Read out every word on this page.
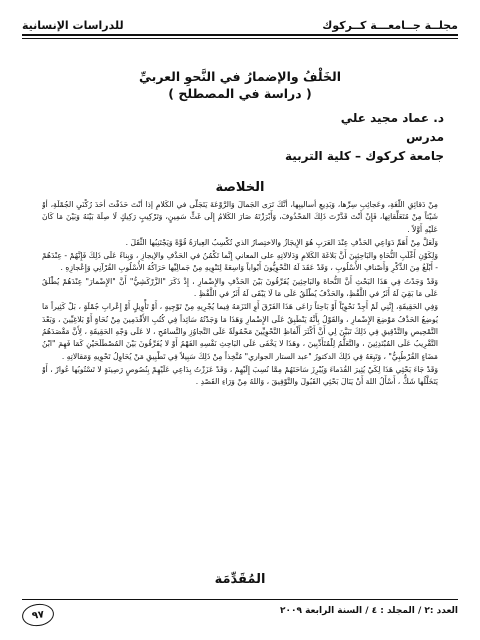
مجلــة جــامعـــة كــركوك
للدراسات الإنسانية
الخَلْفُ والإضمارُ في النَّحوِ العربيِّ
( دراسة في المصطلح )
د. عماد مجيد علي
مدرس
جامعة كركوك – كلية التربية
الخلاصة

مِنْ دَقائِقِ اللُّغَةِ، وعَجائِبِ سِرِّها، وَبَدِيعِ أَساليبِها، أَنَّكَ تَرَى الجَمالَ وَالرَّوْعَةَ يَتَجَلَّى في الكَلامِ إذا أَنْتَ حَذَفْتَ أَحَدَ رُكْنَيِ الجُمْلَةِ، أَوْ شَيْئاً مِنْ مُتَعَلِّقاتِها، فَإِنْ أَنْتَ قَدَّرْتَ ذَلِكَ المَحْذُوفَ، وَأَبْرَزْتَهُ صَارَ الكَلامُ إِلَى غَثٍّ سَمِينٍ، وَتَرْكِيبٍ رَكِيكٍ لَا صِلَةَ بَيْنَهُ وَبَيْنَ مَا كَانَ عَلَيْهِ أَوَّلاً .

وَلَعَلَّ مِنْ أَهَمِّ دَوَاعِي الحَذْفِ عِنْدَ العَرَبِ هُوَ الإِيجَازُ والاختِصارُ الذي تُكْسِبُ العِبارَةُ قُوَّةً وَيَجْتَنِبُها الثِّقَلَ .

وَلِكَوْنِ أَغْلَبِ النُّحَاةِ والبَاحِثِينَ أَنَّ بَلاغَةَ الكَلامِ وَدَلالاتِهِ على المعاني إِنَّما تَكْمُنُ في الحَذْفِ والإيجازِ ، وَبِناءً عَلَى ذَلِكَ فَإِنَّهُمْ - عِنْدَهُمْ - أَبْلَغُ مِنَ الذِّكْرِ وَأَصْنافِ الأُسْلُوبِ ، وَقَدْ عَقَدَ لَهُ النَّحْوِيُّونَ أَبْواباً وَاسِعَةً لِتَنْوِيهِ مِنْ جَمالِيِّها حَرَاكُهُ الأُسْلُوبِ القُرْآنِي وَإِعْجازِهِ .

وَقَدْ وَجَدْتُ فِي هَذَا البَحْثِ أَنَّ النُّحاةَ والبَاحِثِينَ يُفَرِّقُونَ بَيْنَ الحَذْفِ والإِضْمارِ ، إِذْ ذَكَرَ "الزَّرْكَشِيُّ" أَنَّ "الإِضْمارَ" عِنْدَهُمْ يُطْلَقُ عَلَى مَا بَقِيَ لَهُ أَثَرٌ في اللَّفْظِ، والحَذْفُ يُطْلَقُ عَلَى مَا لَا يَبْقَى لَهُ أَثَرٌ في اللَّفْظِ .

وَفِي الحَقِيقَةِ، إِنَّنِي لَمْ أَجِدْ نَحْوِيّاً أَوْ بَاحِثاً رَاعَى هَذَا الفَرْقَ أَوِ التَزَمَهُ فِيما يُجْرِيهِ مِنْ تَوْجِيهٍ ، أَوْ تَأْوِيلٍ أَوْ إِعْرابِ جُمْلَةٍ ، بَلْ كَثِيراً مَا يُوضِعُ الحَذْفُ مَوْضِعَ الإِضْمارِ ، والقَوْلُ بِأَنَّهُ يَنْطَبِقُ عَلَى الإِضْمارِ وَهَذَا مَا وَجَدْتُهُ سَائِداً فِي كُتُبِ الأَقْدَمِينَ مِنْ نُحَاةٍ أَوْ بَلاغِيِّينَ ، وَبَعْدَ التَّمْحِيصِ والتَّدْقِيقِ فِي ذَلِكَ تَبَيَّنَ لِي أَنَّ أَكْثَرَ أَلْفاظِ النَّحْوِيِّينَ مَحْمُولَةٌ عَلَى التَّجاوُزِ والتَّسامُحِ ، لا عَلَى وَجْهِ الحَقِيقَةِ ، لِأَنَّ مَقْصَدَهُمُ التَّقْرِيبُ عَلَى المُبْتَدِئِينَ ، والتَّعَلُّمُ لِلْمُتَأَدِّبِينَ ، وهَذَا لا يَخْفَى عَلَى البَاحِثِ نَفْسِهِ الفَهْمُ أَوْ لا يُفَرِّقُونَ بَيْنَ المُصْطَلَحَيْنِ كَمَا فَهِمَ "ابْنُ مَضَاءٍ القُرْطُبِيُّ" ، وَتَبِعَهُ فِي ذَلِكَ الدكتورُ "عبد الستار الجواري" مُتَّخِذاً مِنْ ذَلِكَ سَبِيلاً فِي تَطْبِيقِ مَنْ يُحَاوِلُ تَحْوِيهِ وَمَقالاتِهِ .

وَقَدْ جَاءَ بَحْثِي هَذَا لِكَيْ يُثِيرَ القُدَماءَ وَيُبْرِزَ سَاحَتَهُمْ مِمَّا نُسِبَ إِلَيْهِمْ ، وَقَدْ عَزَزْتُ بِدَاعِي عَلَيْهِمْ بِنُصُوصٍ رَصِينَةٍ لا تَسْتُوبُها عُوارٌ ، أَوْ يَتَخَلَّلُها شَكٌّ ، أَسْأَلُ اللهَ أَنْ يَنَالَ بَحْثِي القَبُولَ والتَّوْفِيقَ ، وَاللهُ مِنْ وَرَاءِ القَصْدِ .

المُقَدِّمَة
٩٧	العدد :٢ / المجلد : ٤ / السنة الرابعة ٢٠٠٩
